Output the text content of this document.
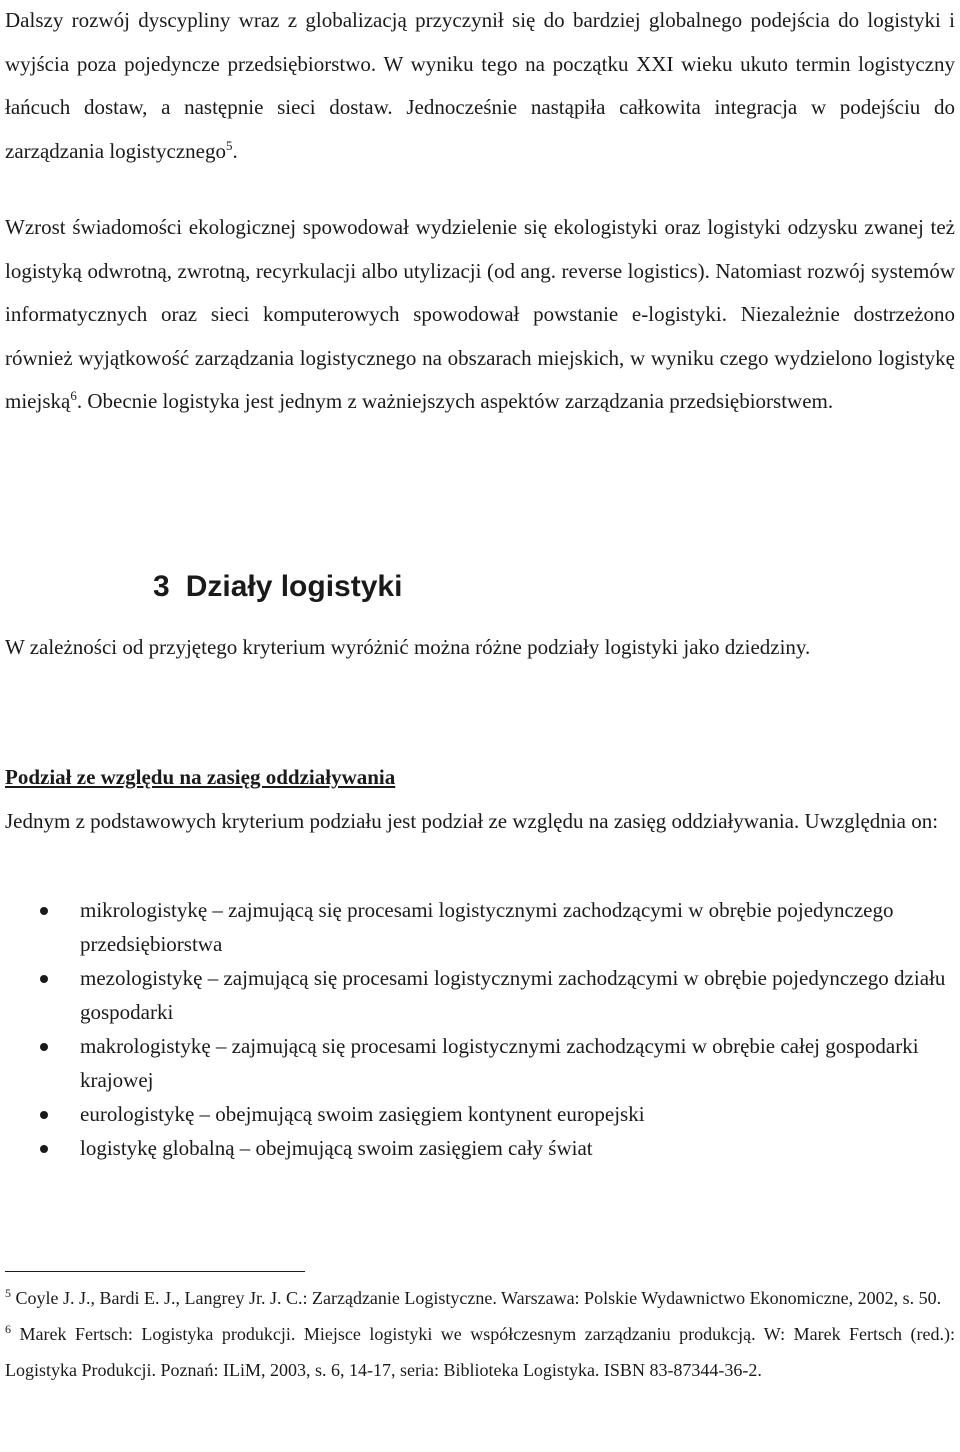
Dalszy rozwój dyscypliny wraz z globalizacją przyczynił się do bardziej globalnego podejścia do logistyki i wyjścia poza pojedyncze przedsiębiorstwo. W wyniku tego na początku XXI wieku ukuto termin logistyczny łańcuch dostaw, a następnie sieci dostaw. Jednocześnie nastąpiła całkowita integracja w podejściu do zarządzania logistycznego$^5$.

Wzrost świadomości ekologicznej spowodował wydzielenie się ekologistyki oraz logistyki odzysku zwanej też logistyką odwrotną, zwrotną, recyrkulacji albo utylizacji (od ang. reverse logistics). Natomiast rozwój systemów informatycznych oraz sieci komputerowych spowodował powstanie e-logistyki. Niezależnie dostrzeżono również wyjątkowość zarządzania logistycznego na obszarach miejskich, w wyniku czego wydzielono logistykę miejską$^6$. Obecnie logistyka jest jednym z ważniejszych aspektów zarządzania przedsiębiorstwem.

3 Działy logistyki

W zależności od przyjętego kryterium wyróżnić można różne podziały logistyki jako dziedziny.

Podział ze względu na zasięg oddziaływania

Jednym z podstawowych kryterium podziału jest podział ze względu na zasięg oddziaływania. Uwzględnia on:

mikrologistykę – zajmującą się procesami logistycznymi zachodzącymi w obrębie pojedynczego przedsiębiorstwa
mezologistykę – zajmującą się procesami logistycznymi zachodzącymi w obrębie pojedynczego działu gospodarki
makrologistykę – zajmującą się procesami logistycznymi zachodzącymi w obrębie całej gospodarki krajowej
eurologistykę – obejmującą swoim zasięgiem kontynent europejski
logistykę globalną – obejmującą swoim zasięgiem cały świat

$^5$ Coyle J. J., Bardi E. J., Langrey Jr. J. C.: Zarządzanie Logistyczne. Warszawa: Polskie Wydawnictwo Ekonomiczne, 2002, s. 50.

$^6$ Marek Fertsch: Logistyka produkcji. Miejsce logistyki we współczesnym zarządzaniu produkcją. W: Marek Fertsch (red.): Logistyka Produkcji. Poznań: ILiM, 2003, s. 6, 14-17, seria: Biblioteka Logistyka. ISBN 83-87344-36-2.
